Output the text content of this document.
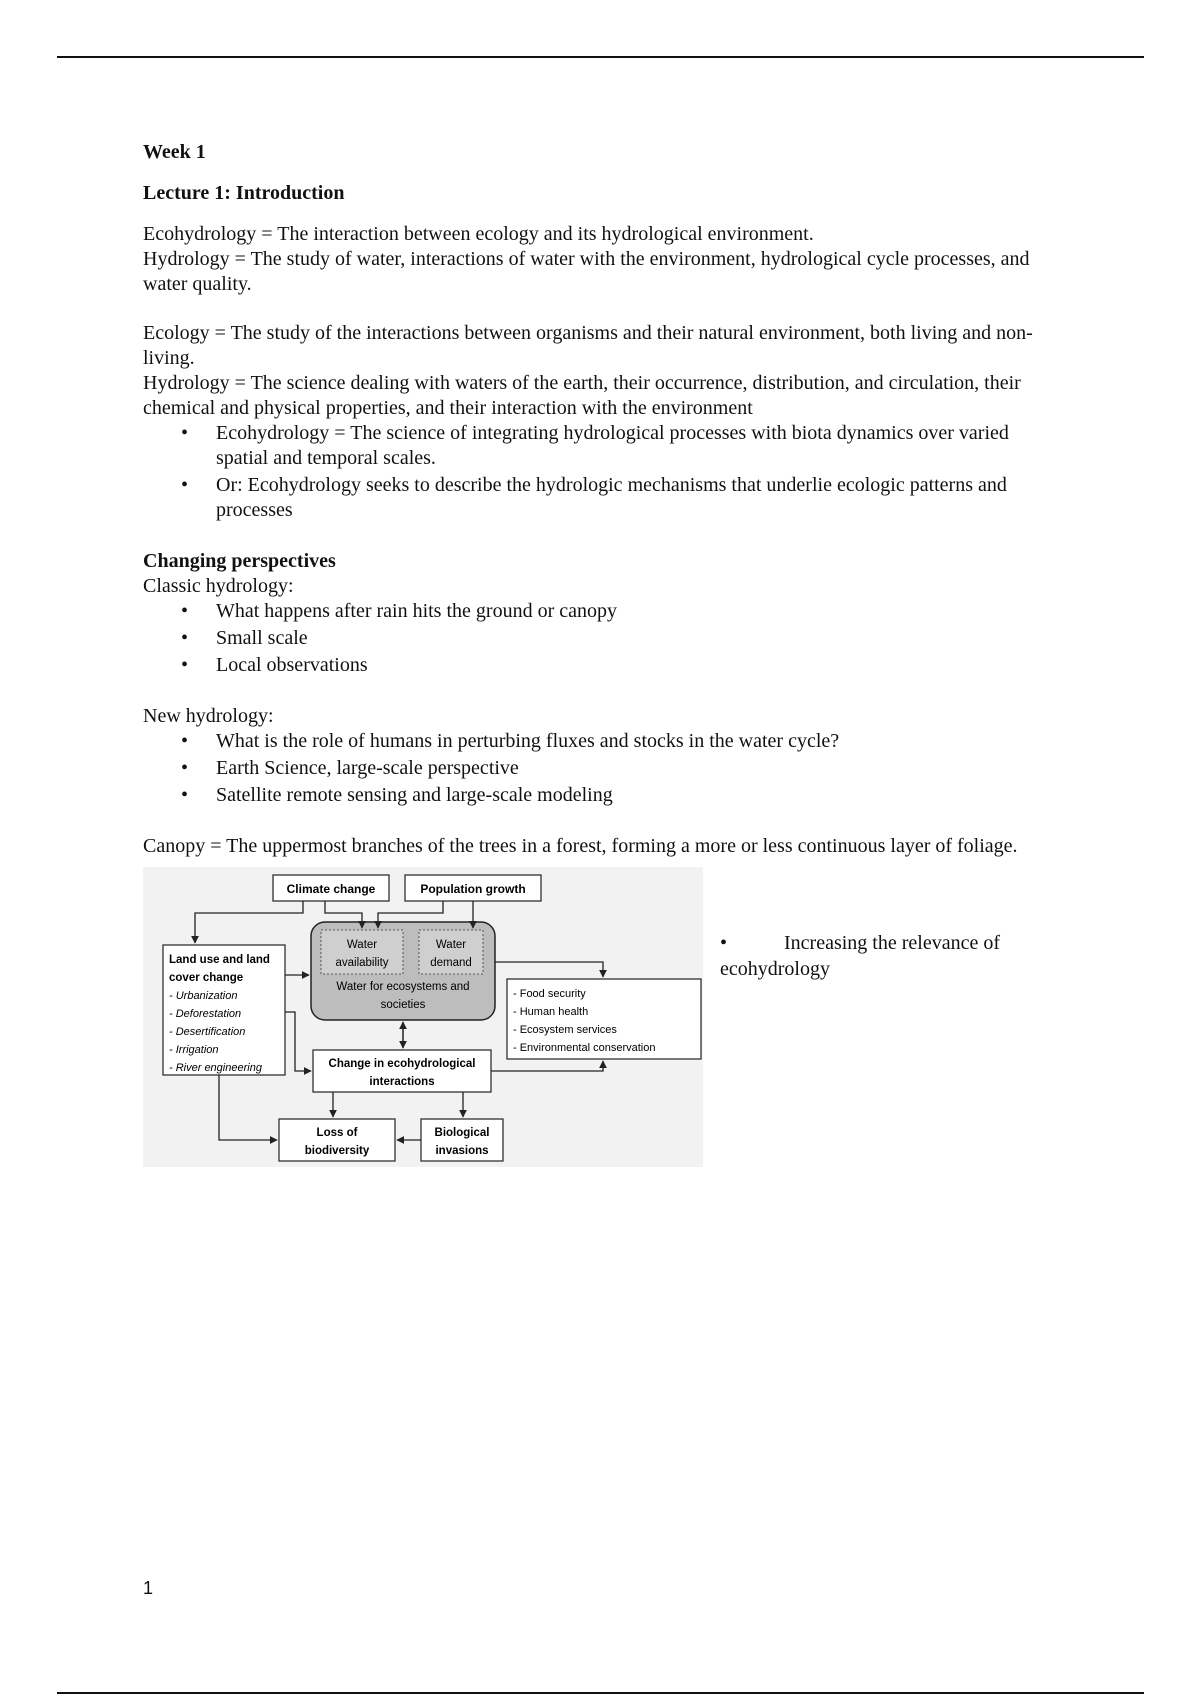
Week 1

Lecture 1: Introduction

Ecohydrology = The interaction between ecology and its hydrological environment.

Hydrology = The study of water, interactions of water with the environment, hydrological cycle processes, and water quality.

Ecology = The study of the interactions between organisms and their natural environment, both living and non-living.

Hydrology = The science dealing with waters of the earth, their occurrence, distribution, and circulation, their chemical and physical properties, and their interaction with the environment

• Ecohydrology = The science of integrating hydrological processes with biota dynamics over varied spatial and temporal scales.
• Or: Ecohydrology seeks to describe the hydrologic mechanisms that underlie ecologic patterns and processes

Changing perspectives

Classic hydrology:

• What happens after rain hits the ground or canopy
• Small scale
• Local observations

New hydrology:

• What is the role of humans in perturbing fluxes and stocks in the water cycle?
• Earth Science, large-scale perspective
• Satellite remote sensing and large-scale modeling

Canopy = The uppermost branches of the trees in a forest, forming a more or less continuous layer of foliage.

Climate change	Population growth
Land use and land
cover change
- Urbanization
- Deforestation
- Desertification
- Irrigation
- River engineering
Water
availability
Water
demand
Water for ecosystems and
societies
- Food security
- Human health
- Ecosystem services
- Environmental conservation
Change in ecohydrological
interactions
Loss of
biodiversity
Biological
invasions
•	Increasing the relevance of ecohydrology
1
